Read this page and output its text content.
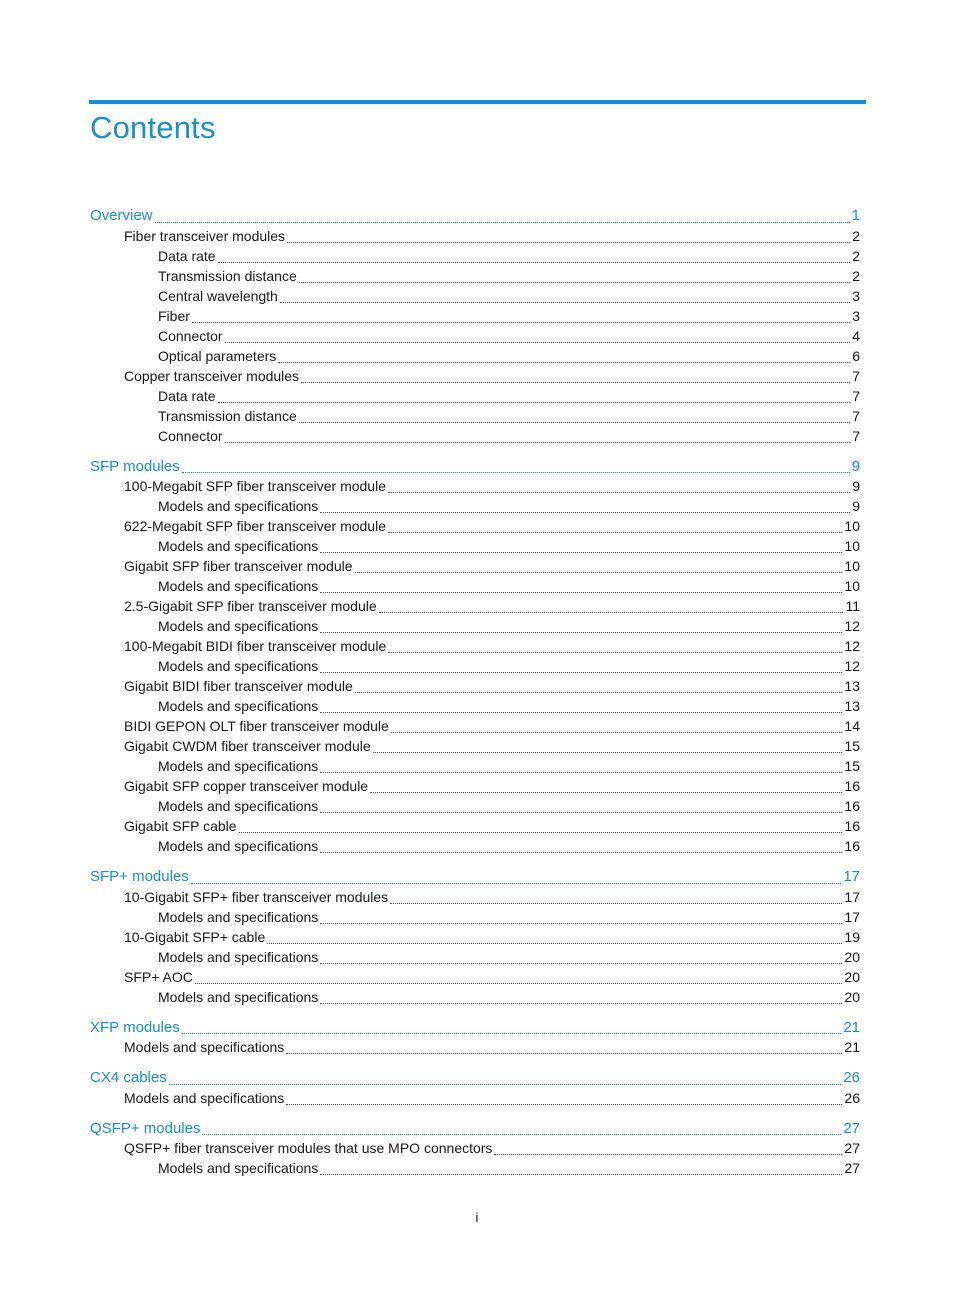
Contents
Overview	1
Fiber transceiver modules	2
Data rate	2
Transmission distance	2
Central wavelength	3
Fiber	3
Connector	4
Optical parameters	6
Copper transceiver modules	7
Data rate	7
Transmission distance	7
Connector	7
SFP modules	9
100-Megabit SFP fiber transceiver module	9
Models and specifications	9
622-Megabit SFP fiber transceiver module	10
Models and specifications	10
Gigabit SFP fiber transceiver module	10
Models and specifications	10
2.5-Gigabit SFP fiber transceiver module	11
Models and specifications	12
100-Megabit BIDI fiber transceiver module	12
Models and specifications	12
Gigabit BIDI fiber transceiver module	13
Models and specifications	13
BIDI GEPON OLT fiber transceiver module	14
Gigabit CWDM fiber transceiver module	15
Models and specifications	15
Gigabit SFP copper transceiver module	16
Models and specifications	16
Gigabit SFP cable	16
Models and specifications	16
SFP+ modules	17
10-Gigabit SFP+ fiber transceiver modules	17
Models and specifications	17
10-Gigabit SFP+ cable	19
Models and specifications	20
SFP+ AOC	20
Models and specifications	20
XFP modules	21
Models and specifications	21
CX4 cables	26
Models and specifications	26
QSFP+ modules	27
QSFP+ fiber transceiver modules that use MPO connectors	27
Models and specifications	27
i
